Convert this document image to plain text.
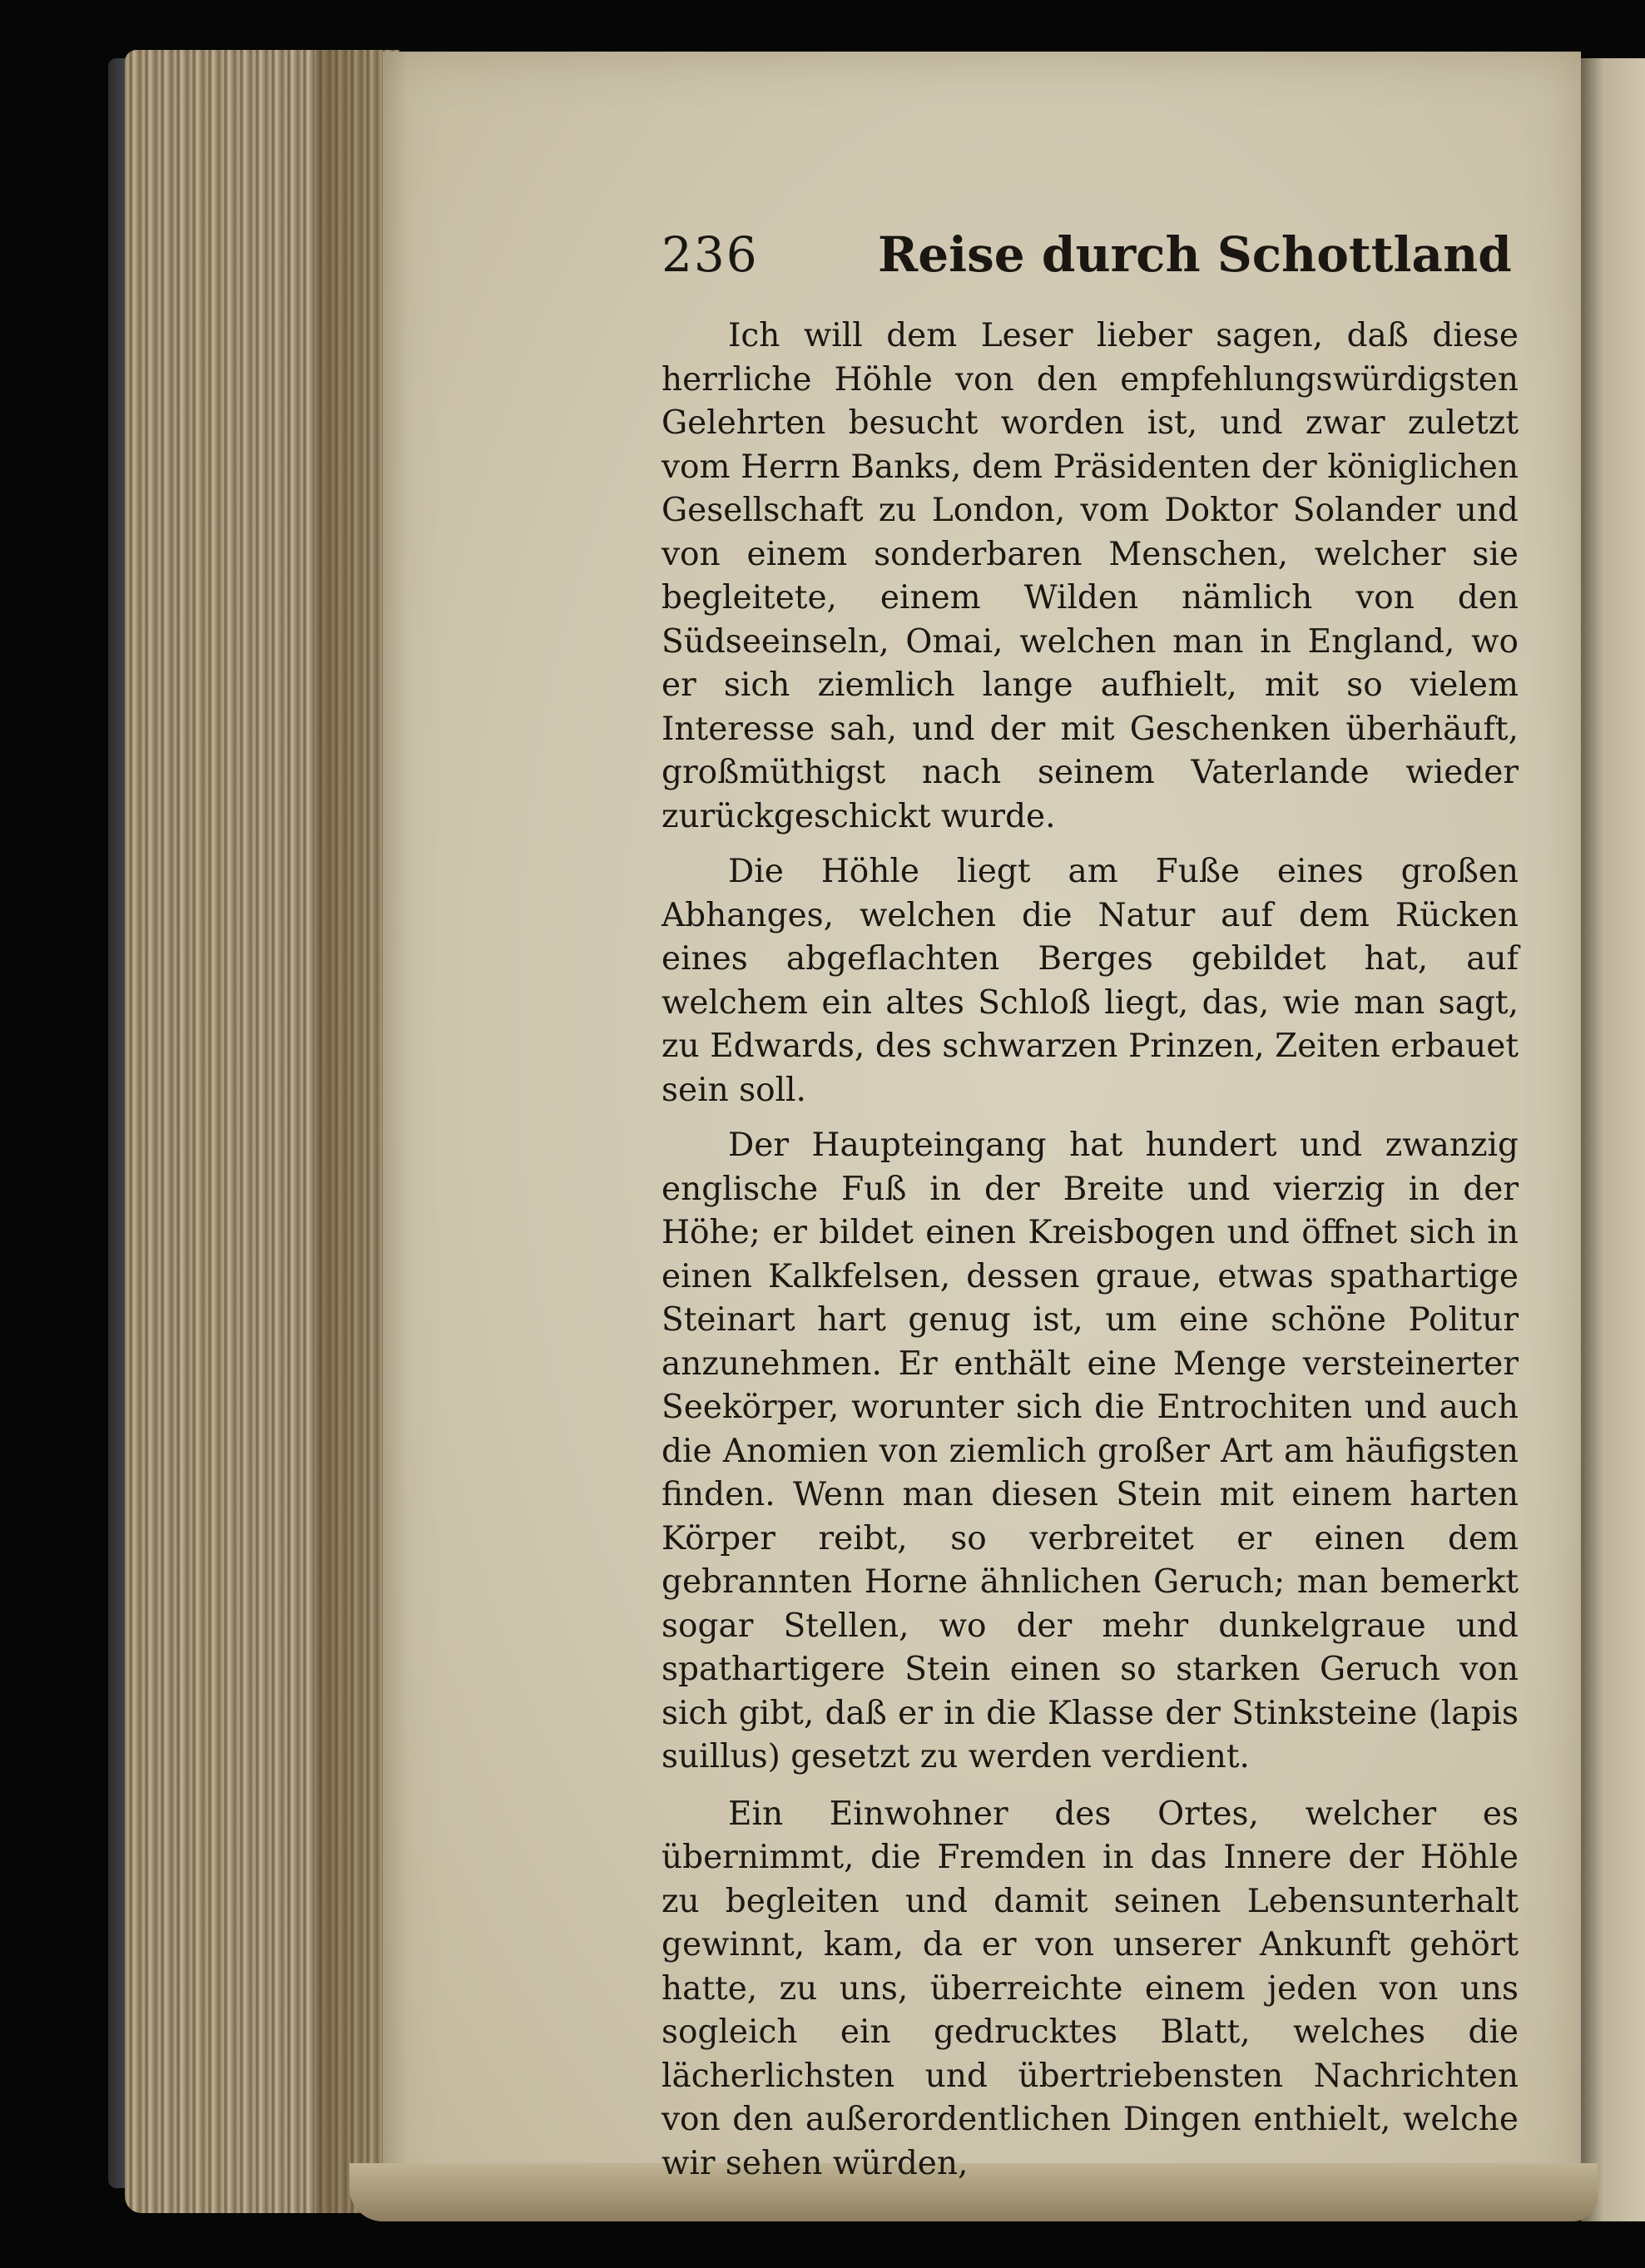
236 Reise durch Schottland

Ich will dem Leser lieber sagen, daß diese herrliche Höhle von den empfehlungswürdigsten Gelehrten besucht worden ist, und zwar zuletzt vom Herrn Banks, dem Präsidenten der königlichen Gesellschaft zu London, vom Doktor Solander und von einem sonderbaren Menschen, welcher sie begleitete, einem Wilden nämlich von den Südseeinseln, Omai, welchen man in England, wo er sich ziemlich lange aufhielt, mit so vielem Interesse sah, und der mit Geschenken überhäuft, großmüthigst nach seinem Vaterlande wieder zurückgeschickt wurde.

Die Höhle liegt am Fuße eines großen Abhanges, welchen die Natur auf dem Rücken eines abgeflachten Berges gebildet hat, auf welchem ein altes Schloß liegt, das, wie man sagt, zu Edwards, des schwarzen Prinzen, Zeiten erbauet sein soll.

Der Haupteingang hat hundert und zwanzig englische Fuß in der Breite und vierzig in der Höhe; er bildet einen Kreisbogen und öffnet sich in einen Kalkfelsen, dessen graue, etwas spathartige Steinart hart genug ist, um eine schöne Politur anzunehmen. Er enthält eine Menge versteinerter Seekörper, worunter sich die Entrochiten und auch die Anomien von ziemlich großer Art am häufigsten finden. Wenn man diesen Stein mit einem harten Körper reibt, so verbreitet er einen dem gebrannten Horne ähnlichen Geruch; man bemerkt sogar Stellen, wo der mehr dunkelgraue und spathartigere Stein einen so starken Geruch von sich gibt, daß er in die Klasse der Stinksteine (lapis suillus) gesetzt zu werden verdient.

Ein Einwohner des Ortes, welcher es übernimmt, die Fremden in das Innere der Höhle zu begleiten und damit seinen Lebensunterhalt gewinnt, kam, da er von unserer Ankunft gehört hatte, zu uns, überreichte einem jeden von uns sogleich ein gedrucktes Blatt, welches die lächerlichsten und übertriebensten Nachrichten von den außerordentlichen Dingen enthielt, welche wir sehen würden,
